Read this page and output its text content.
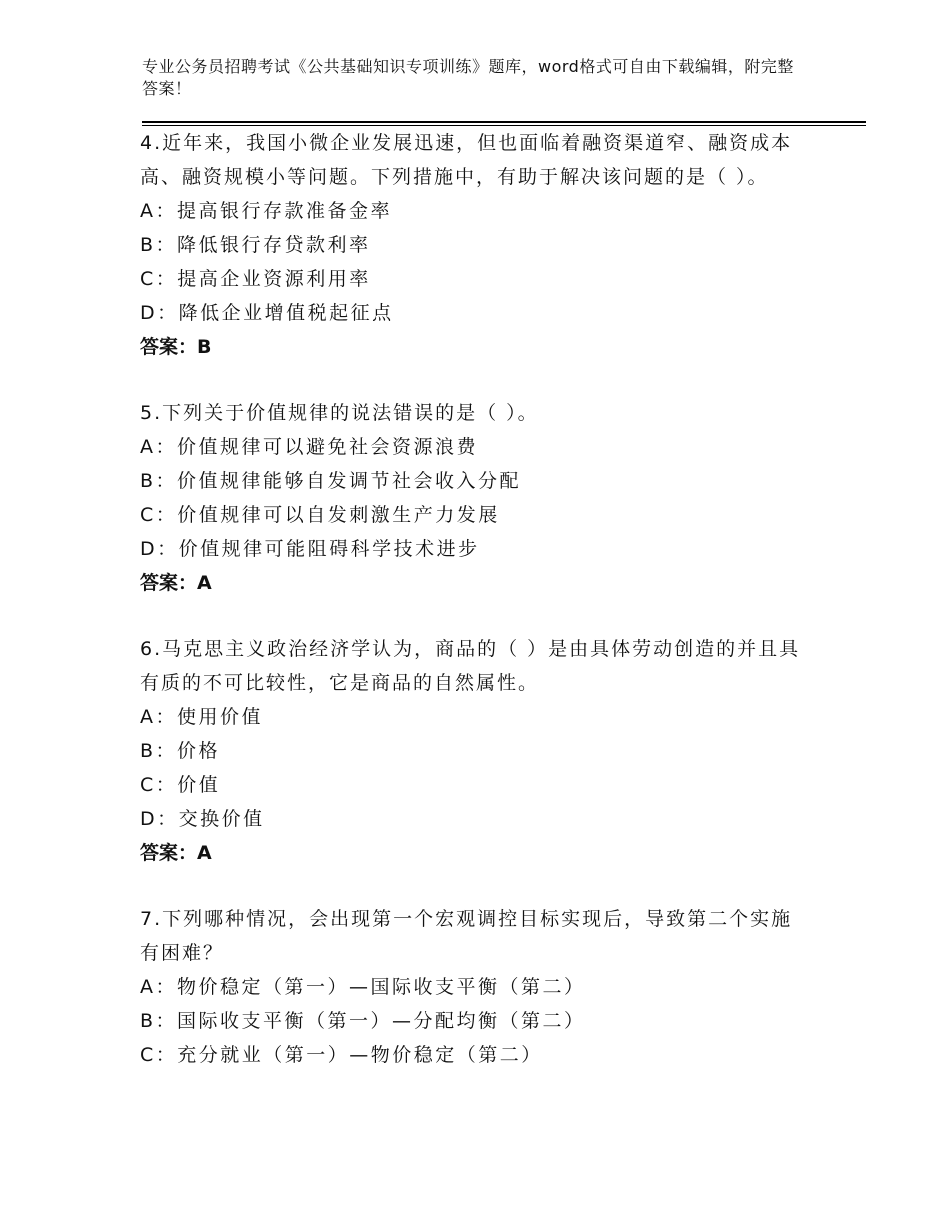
专业公务员招聘考试《公共基础知识专项训练》题库，word格式可自由下载编辑，附完整答案！

4.近年来，我国小微企业发展迅速，但也面临着融资渠道窄、融资成本高、融资规模小等问题。下列措施中，有助于解决该问题的是（ ）。

A：提高银行存款准备金率

B：降低银行存贷款利率

C：提高企业资源利用率

D：降低企业增值税起征点

答案：B

5.下列关于价值规律的说法错误的是（ ）。

A：价值规律可以避免社会资源浪费

B：价值规律能够自发调节社会收入分配

C：价值规律可以自发刺激生产力发展

D：价值规律可能阻碍科学技术进步

答案：A

6.马克思主义政治经济学认为，商品的（ ）是由具体劳动创造的并且具有质的不可比较性，它是商品的自然属性。

A：使用价值

B：价格

C：价值

D：交换价值

答案：A

7.下列哪种情况，会出现第一个宏观调控目标实现后，导致第二个实施有困难？

A：物价稳定（第一）—国际收支平衡（第二）

B：国际收支平衡（第一）—分配均衡（第二）

C：充分就业（第一）—物价稳定（第二）
